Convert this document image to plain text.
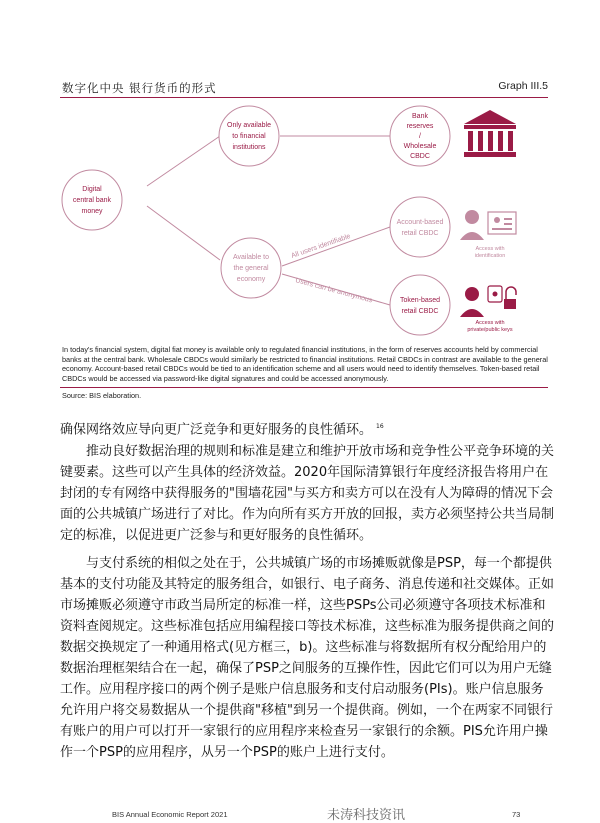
数字化中央 银行货币的形式	Graph III.5
Digital
central bank
money
Only available
to financial
institutions
Available to
the general
economy
Bank
reserves
/
Wholesale
CBDC
Account-based
retail CBDC
Token-based
retail CBDC
Access with
identification
Access with
private/public keys
All users identifiable
Users can be anonymous
In today's financial system, digital fiat money is available only to regulated financial institutions, in the form of reserves accounts held by commercial banks at the central bank. Wholesale CBDCs would similarly be restricted to financial institutions. Retail CBDCs in contrast are available to the general economy. Account-based retail CBDCs would be tied to an identification scheme and all users would need to identify themselves. Token-based retail CBDCs would be accessed via password-like digital signatures and could be accessed anonymously.
Source: BIS elaboration.
确保网络效应导向更广泛竞争和更好服务的良性循环。 $^{16}$
推动良好数据治理的规则和标准是建立和维护开放市场和竞争性公平竞争环境的关键要素。这些可以产生具体的经济效益。2020年国际清算银行年度经济报告将用户在封闭的专有网络中获得服务的"围墙花园"与买方和卖方可以在没有人为障碍的情况下会面的公共城镇广场进行了对比。作为向所有买方开放的回报，卖方必须坚持公共当局制定的标准，以促进更广泛参与和更好服务的良性循环。
与支付系统的相似之处在于，公共城镇广场的市场摊贩就像是PSP，每一个都提供基本的支付功能及其特定的服务组合，如银行、电子商务、消息传递和社交媒体。正如市场摊贩必须遵守市政当局所定的标准一样，这些PSPs公司必须遵守各项技术标准和资料查阅规定。这些标准包括应用编程接口等技术标准，这些标准为服务提供商之间的数据交换规定了一种通用格式(见方框三，b)。这些标准与将数据所有权分配给用户的数据治理框架结合在一起，确保了PSP之间服务的互操作性，因此它们可以为用户无缝工作。应用程序接口的两个例子是账户信息服务和支付启动服务(PIs)。账户信息服务允许用户将交易数据从一个提供商"移植"到另一个提供商。例如，一个在两家不同银行有账户的用户可以打开一家银行的应用程序来检查另一家银行的余额。PIS允许用户操作一个PSP的应用程序，从另一个PSP的账户上进行支付。
BIS Annual Economic Report 2021	未涛科技资讯	73
